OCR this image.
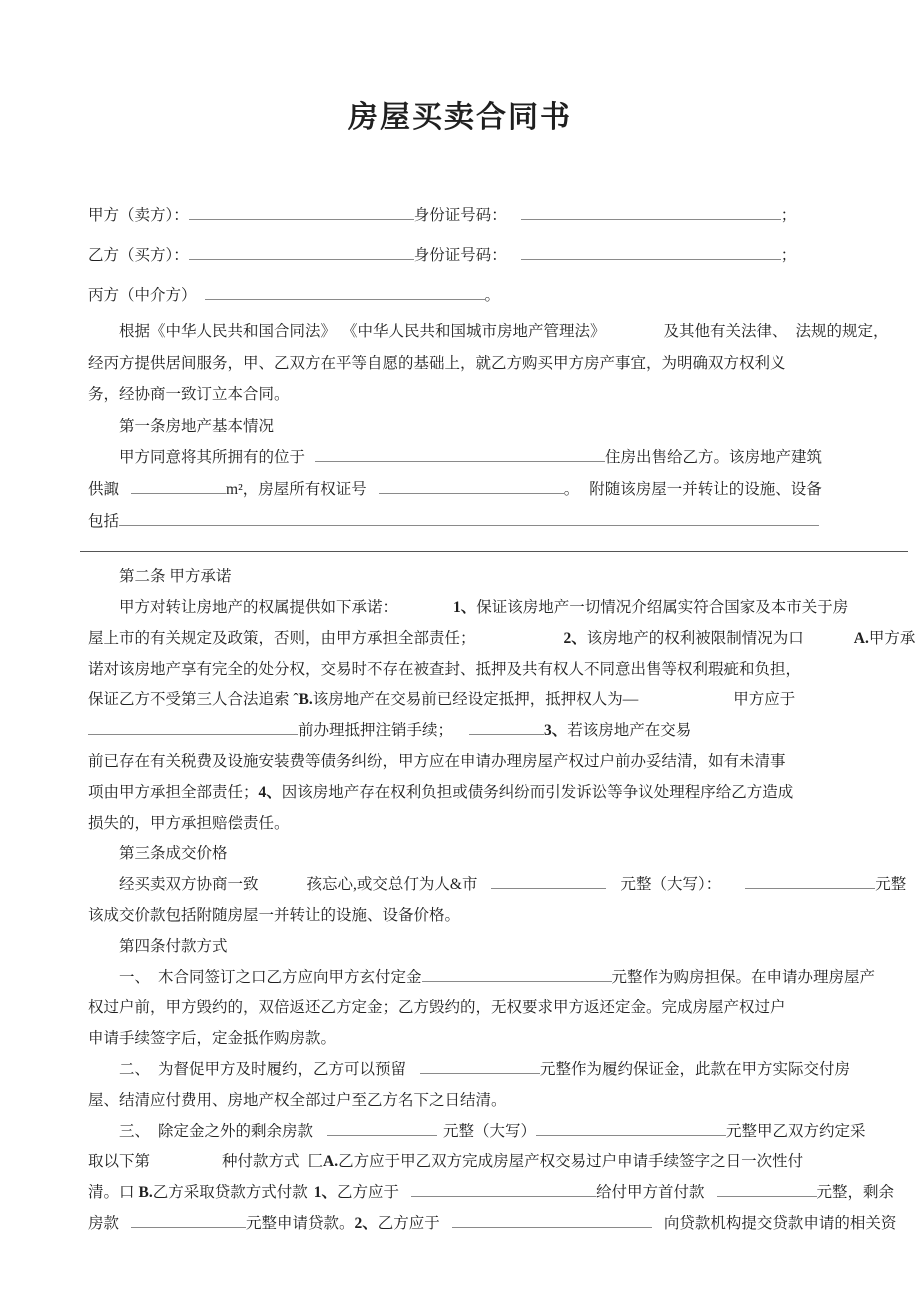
房屋买卖合同书
甲方（卖方）：	身份证号码：	；
乙方（买方）：	身份证号码：	；
丙方（中介方）	。
根据《中华人民共和国合同法》 《中华人民共和国城市房地产管理法》	及其他有关法律、 法规的规定，
经丙方提供居间服务，甲、乙双方在平等自愿的基础上，就乙方购买甲方房产事宜，为明确双方权利义
务，经协商一致订立本合同。
第一条房地产基本情况
甲方同意将其所拥有的位于	住房出售给乙方。该房地产建筑
供諏	m²，房屋所有权证号	。 附随该房屋一并转让的设施、设备
包括
第二条 甲方承诺
甲方对转让房地产的权属提供如下承诺：	1、保证该房地产一切情况介绍属实符合国家及本市关于房
屋上市的有关规定及政策，否则，由甲方承担全部责任；	2、该房地产的权利被限制情况为口	A.甲方承
诺对该房地产享有完全的处分权，交易时不存在被查封、抵押及共有权人不同意出售等权利瑕疵和负担，
保证乙方不受第三人合法追索 ˆB.该房地产在交易前已经设定抵押，抵押权人为—	甲方应于
前办理抵押注销手续；	3、若该房地产在交易
前已存在有关税费及设施安装费等债务纠纷，甲方应在申请办理房屋产权过户前办妥结清，如有未清事
项由甲方承担全部责任；4、因该房地产存在权利负担或债务纠纷而引发诉讼等争议处理程序给乙方造成
损失的，甲方承担赔偿责任。
第三条成交价格
经买卖双方协商一致	孩忘心,或交总仃为人&市	元整（大写）：	元整
该成交价款包括附随房屋一并转让的设施、设备价格。
第四条付款方式
一、 木合同签订之口乙方应向甲方玄付定金	元整作为购房担保。在申请办理房屋产
权过户前，甲方毁约的，双倍返还乙方定金；乙方毁约的，无权要求甲方返还定金。完成房屋产权过户
申请手续签字后，定金抵作购房款。
二、 为督促甲方及时履约，乙方可以预留	元整作为履约保证金，此款在甲方实际交付房
屋、结清应付费用、房地产权全部过户至乙方名下之日结清。
三、 除定金之外的剩余房款	元整（大写）	元整甲乙双方约定采
取以下第	种付款方式 匚A.乙方应于甲乙双方完成房屋产权交易过户申请手续签字之日一次性付
清。口 B.乙方采取贷款方式付款 1、乙方应于	给付甲方首付款	元整，剩余
房款	元整申请贷款。2、乙方应于	向贷款机构提交贷款申请的相关资
